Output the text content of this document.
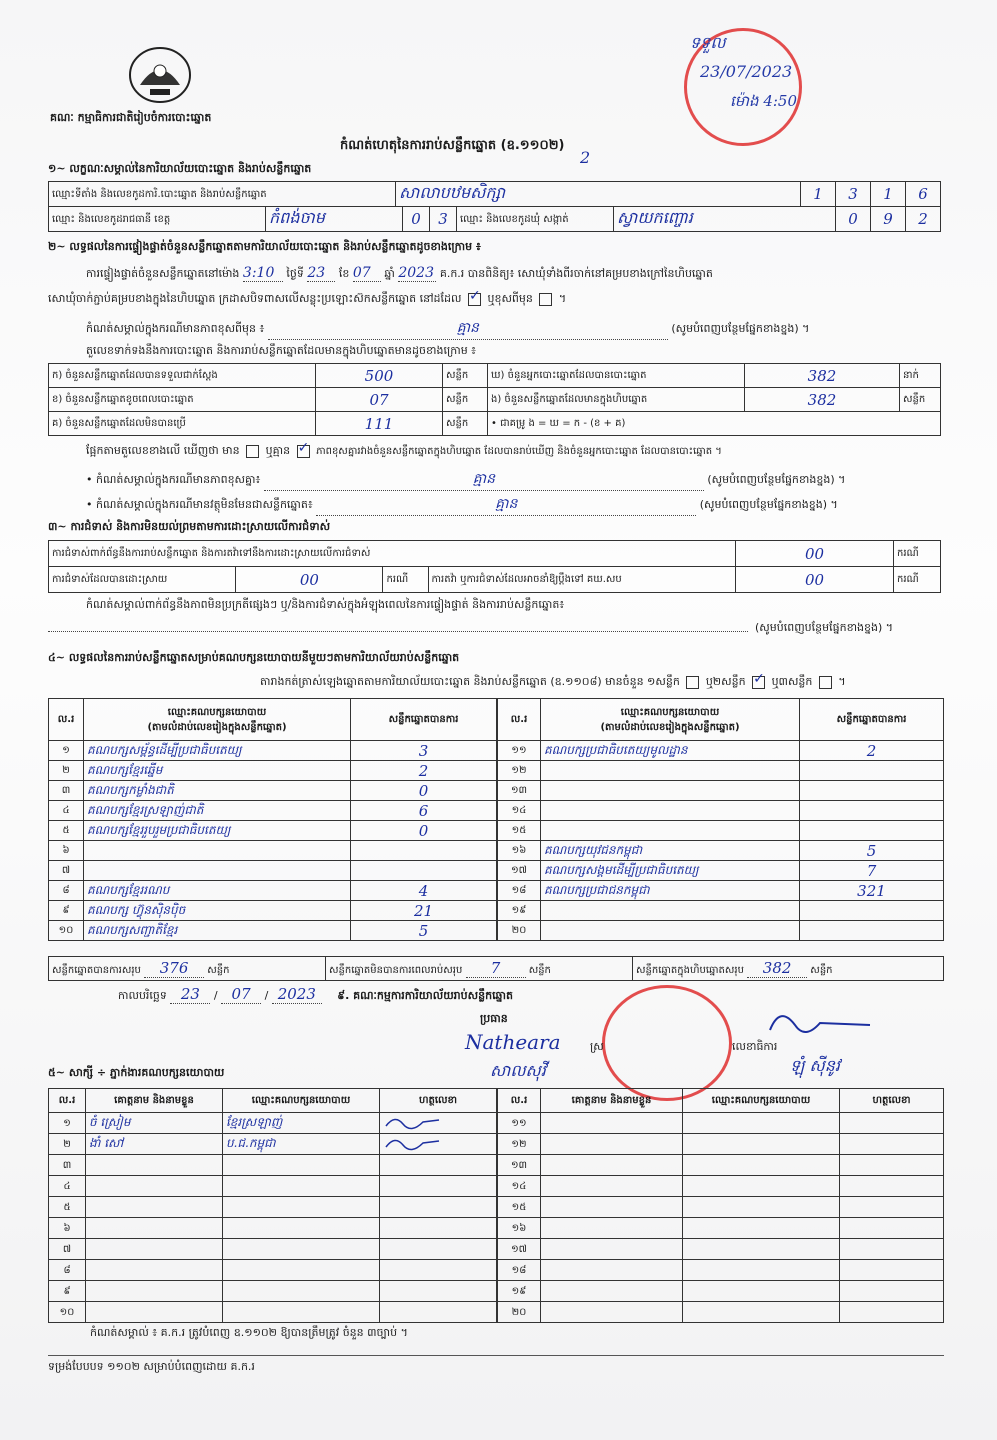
គណៈ កម្មាធិការជាតិរៀបចំការបោះឆ្នោត
ទទួល
23/07/2023
ម៉ោង 4:50
កំណត់ហេតុនៃការរាប់សន្លឹកឆ្នោត (ឧ.១១០២)
2
១~ លក្ខណៈសម្គាល់នៃការិយាល័យបោះឆ្នោត និងរាប់សន្លឹកឆ្នោត
ឈ្មោះទីតាំង និងលេខកូដការិ.បោះឆ្នោត និងរាប់សន្លឹកឆ្នោត	សាលាបឋមសិក្សា	1	3	1	6
ឈ្មោះ និងលេខកូដរាជធានី ខេត្ត	កំពង់ចាម	0	3	ឈ្មោះ និងលេខកូដឃុំ សង្កាត់	ស្វាយកញ្ចោរ	0	9	2
២~ លទ្ធផលនៃការផ្ទៀងផ្ទាត់ចំនួនសន្លឹកឆ្នោតតាមការិយាល័យបោះឆ្នោត និងរាប់សន្លឹកឆ្នោតដូចខាងក្រោម ៖
ការផ្ទៀងផ្ទាត់ចំនួនសន្លឹកឆ្នោតនៅម៉ោង 3:10 ថ្ងៃទី 23 ខែ 07 ឆ្នាំ 2023 គ.ក.រ បានពិនិត្យ៖ សោឃុំទាំងពីរចាក់នៅគម្របខាងក្រៅនៃហិបឆ្នោត
សោឃុំចាក់ភ្ជាប់គម្របខាងក្នុងនៃហិបឆ្នោត ក្រដាសបិទពាសលើសន្លុះប្រឡោះស៊កសន្លឹកឆ្នោត នៅដដែល ✓ ឬខុសពីមុន  ។
កំណត់សម្គាល់ក្នុងករណីមានភាពខុសពីមុន ៖	គ្មាន	(សូមបំពេញបន្ថែមផ្នែកខាងខ្នង) ។
តួលេខទាក់ទងនឹងការបោះឆ្នោត និងការរាប់សន្លឹកឆ្នោតដែលមានក្នុងហិបឆ្នោតមានដូចខាងក្រោម ៖
ក) ចំនួនសន្លឹកឆ្នោតដែលបានទទួលជាក់ស្តែង	500	សន្លឹក	ឃ) ចំនួនអ្នកបោះឆ្នោតដែលបានបោះឆ្នោត	382	នាក់
ខ) ចំនួនសន្លឹកឆ្នោតខូចពេលបោះឆ្នោត	07	សន្លឹក	ង) ចំនួនសន្លឹកឆ្នោតដែលមានក្នុងហិបឆ្នោត	382	សន្លឹក
គ) ចំនួនសន្លឹកឆ្នោតដែលមិនបានប្រើ	111	សន្លឹក	• ជាគម្រូ ង = ឃ = ក - (ខ + គ)		
ផ្អែកតាមតួលេខខាងលើ ឃើញថា មាន ឬគ្មាន ✓	ភាពខុសគ្នារវាងចំនួនសន្លឹកឆ្នោតក្នុងហិបឆ្នោត ដែលបានរាប់ឃើញ និងចំនួនអ្នកបោះឆ្នោត ដែលបានបោះឆ្នោត ។
• កំណត់សម្គាល់ក្នុងករណីមានភាពខុសគ្នា៖	គ្មាន	(សូមបំពេញបន្ថែមផ្នែកខាងខ្នង) ។
• កំណត់សម្គាល់ក្នុងករណីមានវត្ថុមិនមែនជាសន្លឹកឆ្នោត៖	គ្មាន	(សូមបំពេញបន្ថែមផ្នែកខាងខ្នង) ។
៣~ ការជំទាស់ និងការមិនយល់ព្រមតាមការដោះស្រាយលើការជំទាស់
ការជំទាស់ពាក់ព័ន្ធនឹងការរាប់សន្លឹកឆ្នោត និងការតវ៉ាទៅនឹងការដោះស្រាយលើការជំទាស់				00	ករណី
ការជំទាស់ដែលបានដោះស្រាយ	00	ករណី	ការតវ៉ា ឬការជំទាស់ដែលអាចនាំឱ្យប្ដឹងទៅ គឃ.សប	00	ករណី
កំណត់សម្គាល់ពាក់ព័ន្ធនឹងភាពមិនប្រក្រតីផ្សេងៗ ឬ/និងការជំទាស់ក្នុងអំឡុងពេលនៃការផ្ទៀងផ្ទាត់ និងការរាប់សន្លឹកឆ្នោត៖
(សូមបំពេញបន្ថែមផ្នែកខាងខ្នង) ។
៤~ លទ្ធផលនៃការរាប់សន្លឹកឆ្នោតសម្រាប់គណបក្សនយោបាយនីមួយៗតាមការិយាល័យរាប់សន្លឹកឆ្នោត
តារាងកត់ត្រាស់ឡេងឆ្នោតតាមការិយាល័យបោះឆ្នោត និងរាប់សន្លឹកឆ្នោត (ឧ.១១០៨) មានចំនួន ១សន្លឹក ឬ២សន្លឹក ✓ ឬ៣សន្លឹក  ។
ល.រ	ឈ្មោះគណបក្សនយោបាយ
(តាមលំដាប់លេខរៀងក្នុងសន្លឹកឆ្នោត)	សន្លឹកឆ្នោតបានការ
១	គណបក្សសម្ព័ន្ធដើម្បីប្រជាធិបតេយ្យ	3
២	គណបក្សខ្មែរឆ្នើម	2
៣	គណបក្សកម្លាំងជាតិ	0
៤	គណបក្សខ្មែរស្រឡាញ់ជាតិ	6
៥	គណបក្សខ្មែររួបរួមប្រជាធិបតេយ្យ	0
៦		
៧		
៨	គណបក្សខ្មែររណប	4
៩	គណបក្ស ហ៊្វុនស៊ិនប៉ិច	21
១០	គណបក្សសញ្ជាតិខ្មែរ	5
ល.រ	ឈ្មោះគណបក្សនយោបាយ
(តាមលំដាប់លេខរៀងក្នុងសន្លឹកឆ្នោត)	សន្លឹកឆ្នោតបានការ
១១	គណបក្សប្រជាធិបតេយ្យមូលដ្ឋាន	2
១២		
១៣		
១៤		
១៥		
១៦	គណបក្សយុវជនកម្ពុជា	5
១៧	គណបក្សសង្គមដើម្បីប្រជាធិបតេយ្យ	7
១៨	គណបក្សប្រជាជនកម្ពុជា	321
១៩		
២០		
សន្លឹកឆ្នោតបានការសរុប 376 សន្លឹក	សន្លឹកឆ្នោតមិនបានការពេលរាប់សរុប 7	សន្លឹក	សន្លឹកឆ្នោតក្នុងហិបឆ្នោតសរុប 382 សន្លឹក
កាលបរិច្ឆេទ 23 / 07 / 2023 ៩. គណៈកម្មការការិយាល័យរាប់សន្លឹកឆ្នោត
ប្រធាន
Natheara
សាលសុវី
ស្រ	លេខាធិការ
ឡុំ ស៊ីនូវ
៥~ សាក្សី ÷ ភ្នាក់ងារគណបក្សនយោបាយ
ល.រ	គោត្តនាម និងនាមខ្លួន	ឈ្មោះគណបក្សនយោបាយ	ហត្ថលេខា
១	ចំ ស្រៀម	ខ្មែរស្រឡាញ់	
២	ងាំ សៅ	ប.ជ.កម្ពុជា	
៣			
៤			
៥			
៦			
៧			
៨			
៩			
១០			
ល.រ	គោត្តនាម និងនាមខ្លួន	ឈ្មោះគណបក្សនយោបាយ	ហត្ថលេខា
១១			
១២			
១៣			
១៤			
១៥			
១៦			
១៧			
១៨			
១៩			
២០			
កំណត់សម្គាល់ ៖ គ.ក.រ ត្រូវបំពេញ ឧ.១១០២ ឱ្យបានត្រឹមត្រូវ ចំនួន ៣ច្បាប់ ។
ទម្រង់បែបបទ ១១០២ សម្រាប់បំពេញដោយ គ.ក.រ
